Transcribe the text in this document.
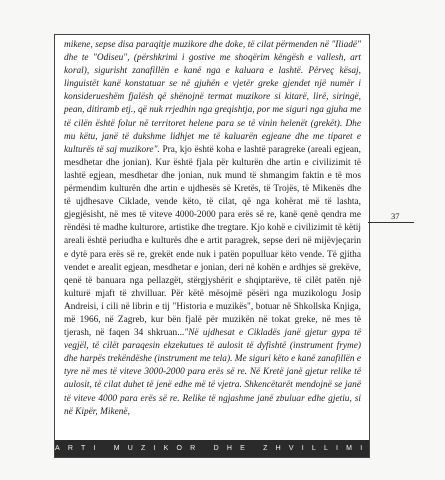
mikene, sepse disa paraqitje muzikore dhe doke, të cilat përmenden në "Iliadë" dhe te "Odiseu", (përshkrimi i gostive me shoqërim këngësh e vallesh, art koral), sigurisht zanafillën e kanë nga e kaluara e lashtë. Përveç kësaj, linguistët kanë konstatuar se në gjuhën e vjetër greke gjendet një numër i konsiderueshëm fjalësh që shënojnë termat muzikore si kitarë, lirë, siringë, pean, ditiramb etj., që nuk rrjedhin nga greqishtja, por me siguri nga gjuha me të cilën është folur në territoret helene para se të vinin helenët (grekët). Dhe mu këtu, janë të dukshme lidhjet me të kaluarën egjeane dhe me tiparet e kulturës të saj muzikore". Pra, kjo është koha e lashtë paragreke (areali egjean, mesdhetar dhe jonian). Kur është fjala për kulturën dhe artin e civilizimit të lashtë egjean, mesdhetar dhe jonian, nuk mund të shmangim faktin e të mos përmendim kulturën dhe artin e ujdhesës së Kretës, të Trojës, të Mikenës dhe të ujdhesave Ciklade, vende këto, të cilat, që nga kohërat më të lashta, gjegjësisht, në mes të viteve 4000-2000 para erës së re, kanë qenë qendra me rëndësi të madhe kulturore, artistike dhe tregtare. Kjo kohë e civilizimit të këtij areali është periudha e kulturës dhe e artit paragrek, sepse deri në mijëvjeçarin e dytë para erës së re, grekët ende nuk i patën populluar këto vende. Të gjitha vendet e arealit egjean, mesdhetar e jonian, deri në kohën e ardhjes së grekëve, qenë të banuara nga pellazgët, stërgjyshërit e shqiptarëve, të cilët patën një kulturë mjaft të zhvilluar. Për këtë mësojmë pësëri nga muzikologu Josip Andreisi, i cili në librin e tij "Historia e muzikës", botuar në Shkollska Knjiga, më 1966, në Zagreb, kur bën fjalë për muzikën në tokat greke, në mes të tjerash, në faqen 34 shkruan..."Në ujdhesat e Cikladës janë gjetur gypa të vegjël, të cilët paraqesin ekzekutues të aulosit të dyfishtë (instrument fryme) dhe harpës trekëndëshe (instrument me tela). Me siguri këto e kanë zanafillën e tyre në mes të viteve 3000-2000 para erës së re. Në Kretë janë gjetur relike të aulosit, të cilat duhet të jenë edhe më të vjetra. Shkencëtarët mendojnë se janë të viteve 4000 para erës së re. Relike të ngjashme janë zbuluar edhe gjetiu, si në Kipër, Mikenë,

ARTI MUZIKOR DHE ZHVILLIMI I TIJ
37
